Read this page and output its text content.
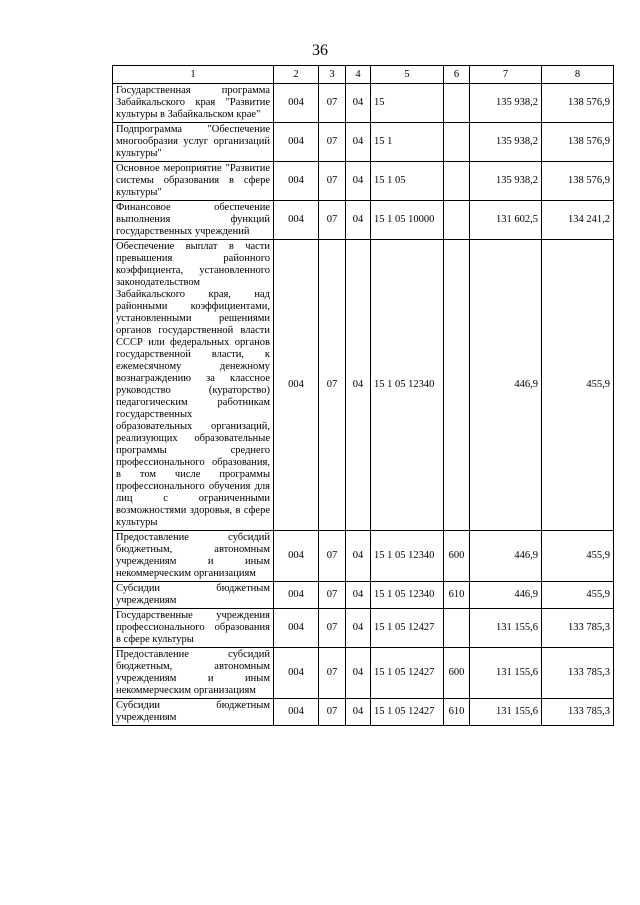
36
1	2	3	4	5	6	7	8
Государственная программа Забайкальского края "Развитие культуры в Забайкальском крае"	004	07	04	15		135 938,2	138 576,9
Подпрограмма "Обеспечение многообразия услуг организаций культуры"	004	07	04	15 1		135 938,2	138 576,9
Основное мероприятие "Развитие системы образования в сфере культуры"	004	07	04	15 1 05		135 938,2	138 576,9
Финансовое обеспечение выполнения функций государственных учреждений	004	07	04	15 1 05 10000		131 602,5	134 241,2
Обеспечение выплат в части превышения районного коэффициента, установленного законодательством Забайкальского края, над районными коэффициентами, установленными решениями органов государственной власти СССР или федеральных органов государственной власти, к ежемесячному денежному вознаграждению за классное руководство (кураторство) педагогическим работникам государственных образовательных организаций, реализующих образовательные программы среднего профессионального образования, в том числе программы профессионального обучения для лиц с ограниченными возможностями здоровья, в сфере культуры	004	07	04	15 1 05 12340		446,9	455,9
Предоставление субсидий бюджетным, автономным учреждениям и иным некоммерческим организациям	004	07	04	15 1 05 12340	600	446,9	455,9
Субсидии бюджетным учреждениям	004	07	04	15 1 05 12340	610	446,9	455,9
Государственные учреждения профессионального образования в сфере культуры	004	07	04	15 1 05 12427		131 155,6	133 785,3
Предоставление субсидий бюджетным, автономным учреждениям и иным некоммерческим организациям	004	07	04	15 1 05 12427	600	131 155,6	133 785,3
Субсидии бюджетным учреждениям	004	07	04	15 1 05 12427	610	131 155,6	133 785,3
